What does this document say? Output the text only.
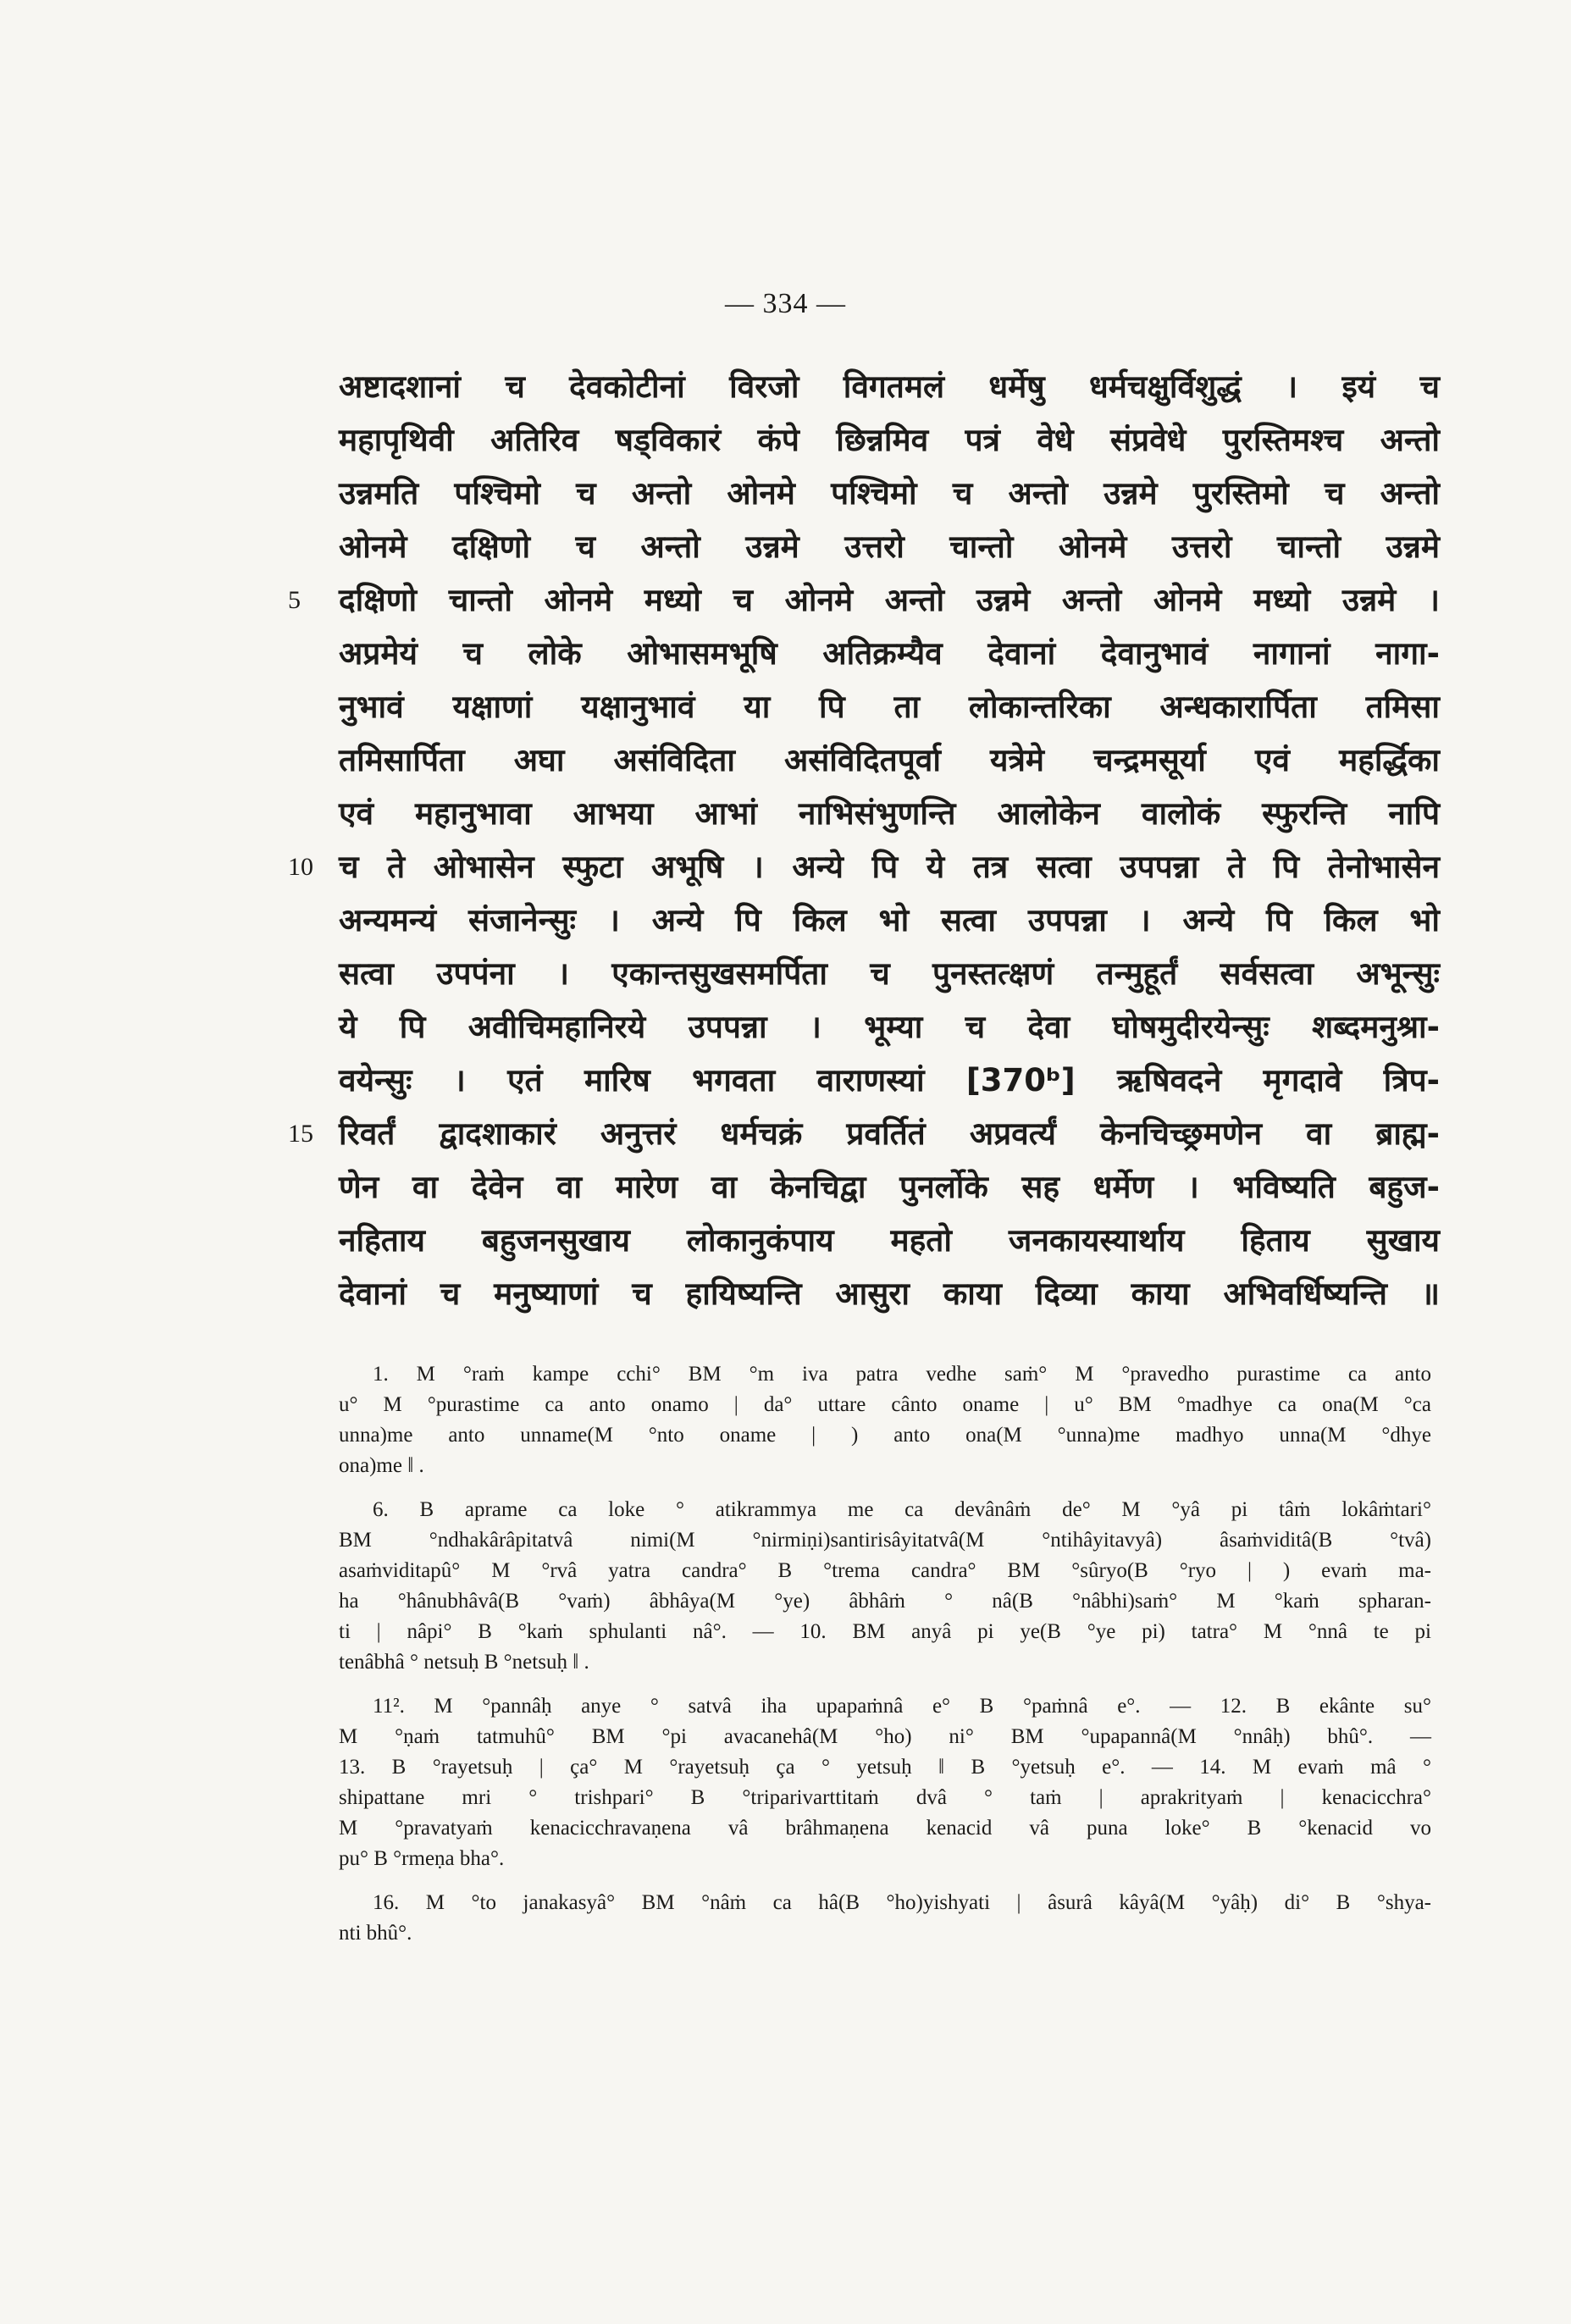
— 334 —
अष्टादशानां च देवकोटीनां विरजो विगतमलं धर्मेषु धर्मचक्षुर्विशुद्धं । इयं च
महापृथिवी अतिरिव षड्विकारं कंपे छिन्नमिव पत्रं वेधे संप्रवेधे पुरस्तिमश्च अन्तो
उन्नमति पश्चिमो च अन्तो ओनमे पश्चिमो च अन्तो उन्नमे पुरस्तिमो च अन्तो
ओनमे दक्षिणो च अन्तो उन्नमे उत्तरो चान्तो ओनमे उत्तरो चान्तो उन्नमे
5	दक्षिणो चान्तो ओनमे मध्यो च ओनमे अन्तो उन्नमे अन्तो ओनमे मध्यो उन्नमे ।
अप्रमेयं च लोके ओभासमभूषि अतिक्रम्यैव देवानां देवानुभावं नागानां नागा-
नुभावं यक्षाणां यक्षानुभावं या पि ता लोकान्तरिका अन्धकारार्पिता तमिसा
तमिसार्पिता अघा असंविदिता असंविदितपूर्वा यत्रेमे चन्द्रमसूर्या एवं महर्द्धिका
एवं महानुभावा आभया आभां नाभिसंभुणन्ति आलोकेन वालोकं स्फुरन्ति नापि
10 च ते ओभासेन स्फुटा अभूषि । अन्ये पि ये तत्र सत्वा उपपन्ना ते पि तेनोभासेन
अन्यमन्यं संजानेन्सुः । अन्ये पि किल भो सत्वा उपपन्ना । अन्ये पि किल भो
सत्वा उपपंना । एकान्तसुखसमर्पिता च पुनस्तत्क्षणं तन्मुहूर्तं सर्वसत्वा अभून्सुः
ये पि अवीचिमहानिरये उपपन्ना । भूम्या च देवा घोषमुदीरयेन्सुः शब्दमनुश्रा-
वयेन्सुः । एतं मारिष भगवता वाराणस्यां [370ᵇ] ऋषिवदने मृगदावे त्रिप-
15 रिवर्तं द्वादशाकारं अनुत्तरं धर्मचक्रं प्रवर्तितं अप्रवर्त्यं केनचिच्छ्रमणेन वा ब्राह्म-
णेन वा देवेन वा मारेण वा केनचिद्वा पुनर्लोके सह धर्मेण । भविष्यति बहुज-
नहिताय बहुजनसुखाय लोकानुकंपाय महतो जनकायस्यार्थाय हिताय सुखाय
देवानां च मनुष्याणां च हायिष्यन्ति आसुरा काया दिव्या काया अभिवर्धिष्यन्ति ॥
1. M °raṁ kampe cchi° BM °m iva patra vedhe saṁ° M °pravedho purastime ca anto
u° M °purastime ca anto onamo | da° uttare cânto oname | u° BM °madhye ca ona(M °ca
unna)me anto unname(M °nto oname | ) anto ona(M °unna)me madhyo unna(M °dhye
ona)me ‖ .
6. B aprame ca loke ° atikrammya me ca devânâṁ de° M °yâ pi tâṁ lokâṁtari°
BM °ndhakârâpitatvâ nimi(M °nirmiṇi)santirisâyitatvâ(M °ntihâyitavyâ) âsaṁviditâ(B °tvâ)
asaṁviditapû° M °rvâ yatra candra° B °trema candra° BM °sûryo(B °ryo | ) evaṁ ma-
ha °hânubhâvâ(B °vaṁ) âbhâya(M °ye) âbhâṁ ° nâ(B °nâbhi)saṁ° M °kaṁ spharan-
ti | nâpi° B °kaṁ sphulanti nâ°. — 10. BM anyâ pi ye(B °ye pi) tatra° M °nnâ te pi
tenâbhâ ° netsuḥ B °netsuḥ ‖ .
11². M °pannâḥ anye ° satvâ iha upapaṁnâ e° B °paṁnâ e°. — 12. B ekânte su°
M °ṇaṁ tatmuhû° BM °pi avacanehâ(M °ho) ni° BM °upapannâ(M °nnâḥ) bhû°. —
13. B °rayetsuḥ | ça° M °rayetsuḥ ça ° yetsuḥ ‖ B °yetsuḥ e°. — 14. M evaṁ mâ °
shipattane mri ° trishpari° B °triparivarttitaṁ dvâ ° taṁ | aprakrityaṁ | kenacicchra°
M °pravatyaṁ kenacicchravaṇena vâ brâhmaṇena kenacid vâ puna loke° B °kenacid vo
pu° B °rmeṇa bha°.
16. M °to janakasyâ° BM °nâṁ ca hâ(B °ho)yishyati | âsurâ kâyâ(M °yâḥ) di° B °shya-
nti bhû°.
